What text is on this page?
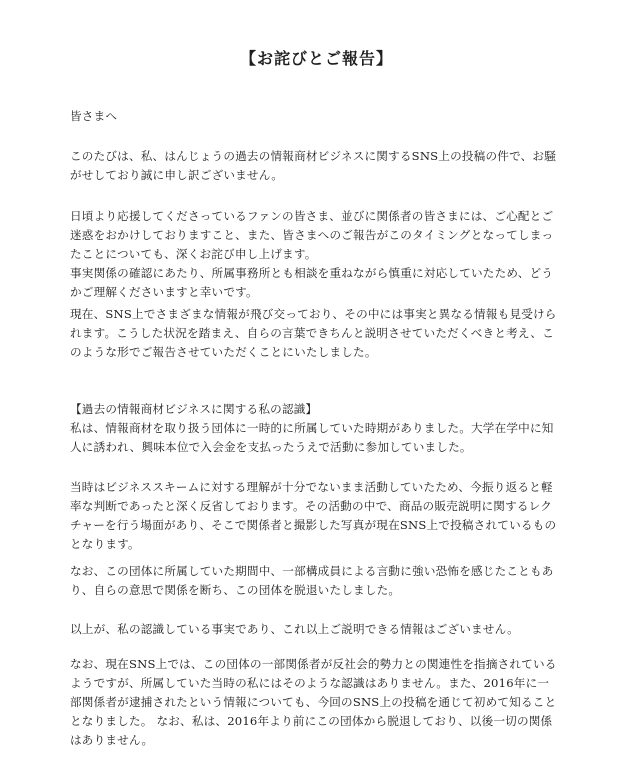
【お詫びとご報告】
皆さまへ
このたびは、私、はんじょうの過去の情報商材ビジネスに関するSNS上の投稿の件で、お騒
がせしており誠に申し訳ございません。
日頃より応援してくださっているファンの皆さま、並びに関係者の皆さまには、ご心配とご
迷惑をおかけしておりますこと、また、皆さまへのご報告がこのタイミングとなってしまっ
たことについても、深くお詫び申し上げます。
事実関係の確認にあたり、所属事務所とも相談を重ねながら慎重に対応していたため、どう
かご理解くださいますと幸いです。
現在、SNS上でさまざまな情報が飛び交っており、その中には事実と異なる情報も見受けら
れます。こうした状況を踏まえ、自らの言葉できちんと説明させていただくべきと考え、こ
のような形でご報告させていただくことにいたしました。
【過去の情報商材ビジネスに関する私の認識】
私は、情報商材を取り扱う団体に一時的に所属していた時期がありました。大学在学中に知
人に誘われ、興味本位で入会金を支払ったうえで活動に参加していました。
当時はビジネススキームに対する理解が十分でないまま活動していたため、今振り返ると軽
率な判断であったと深く反省しております。その活動の中で、商品の販売説明に関するレク
チャーを行う場面があり、そこで関係者と撮影した写真が現在SNS上で投稿されているもの
となります。
なお、この団体に所属していた期間中、一部構成員による言動に強い恐怖を感じたこともあ
り、自らの意思で関係を断ち、この団体を脱退いたしました。
以上が、私の認識している事実であり、これ以上ご説明できる情報はございません。
なお、現在SNS上では、この団体の一部関係者が反社会的勢力との関連性を指摘されている
ようですが、所属していた当時の私にはそのような認識はありません。また、2016年に一
部関係者が逮捕されたという情報についても、今回のSNS上の投稿を通じて初めて知ること
となりました。 なお、私は、2016年より前にこの団体から脱退しており、以後一切の関係
はありません。
